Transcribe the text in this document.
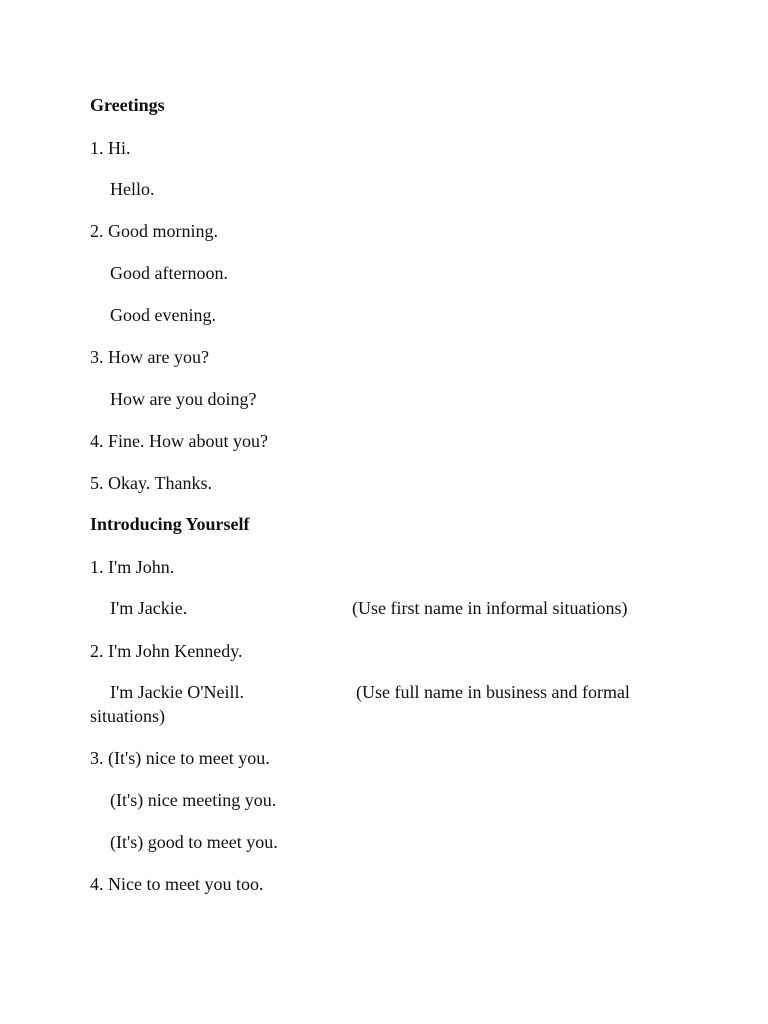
Greetings
1. Hi.
Hello.
2. Good morning.
Good afternoon.
Good evening.
3. How are you?
How are you doing?
4. Fine. How about you?
5. Okay. Thanks.
Introducing Yourself
1. I'm John.
I'm Jackie.	(Use first name in informal situations)
2. I'm John Kennedy.
I'm Jackie O'Neill.	(Use full name in business and formal
situations)
3. (It's) nice to meet you.
(It's) nice meeting you.
(It's) good to meet you.
4. Nice to meet you too.
